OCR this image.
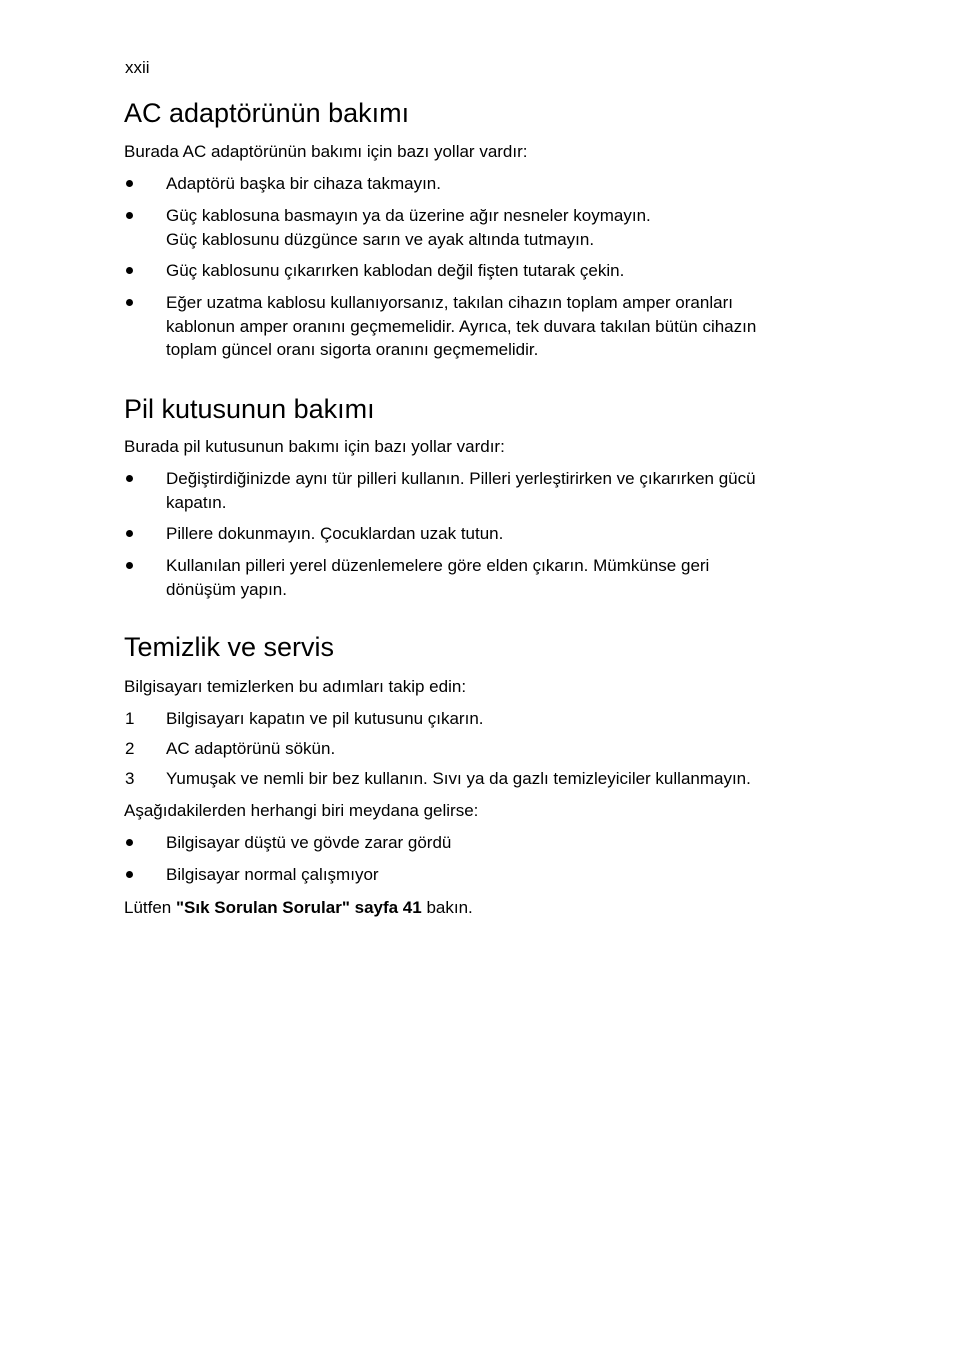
xxii
AC adaptörünün bakımı

Burada AC adaptörünün bakımı için bazı yollar vardır:

Adaptörü başka bir cihaza takmayın.
Güç kablosuna basmayın ya da üzerine ağır nesneler koymayın.
Güç kablosunu düzgünce sarın ve ayak altında tutmayın.
Güç kablosunu çıkarırken kablodan değil fişten tutarak çekin.
Eğer uzatma kablosu kullanıyorsanız, takılan cihazın toplam amper oranları
kablonun amper oranını geçmemelidir. Ayrıca, tek duvara takılan bütün cihazın
toplam güncel oranı sigorta oranını geçmemelidir.
Pil kutusunun bakımı

Burada pil kutusunun bakımı için bazı yollar vardır:

Değiştirdiğinizde aynı tür pilleri kullanın. Pilleri yerleştirirken ve çıkarırken gücü
kapatın.
Pillere dokunmayın. Çocuklardan uzak tutun.
Kullanılan pilleri yerel düzenlemelere göre elden çıkarın. Mümkünse geri
dönüşüm yapın.
Temizlik ve servis

Bilgisayarı temizlerken bu adımları takip edin:

1 Bilgisayarı kapatın ve pil kutusunu çıkarın.
2 AC adaptörünü sökün.
3 Yumuşak ve nemli bir bez kullanın. Sıvı ya da gazlı temizleyiciler kullanmayın.

Aşağıdakilerden herhangi biri meydana gelirse:

Bilgisayar düştü ve gövde zarar gördü
Bilgisayar normal çalışmıyor

Lütfen "Sık Sorulan Sorular" sayfa 41 bakın.
